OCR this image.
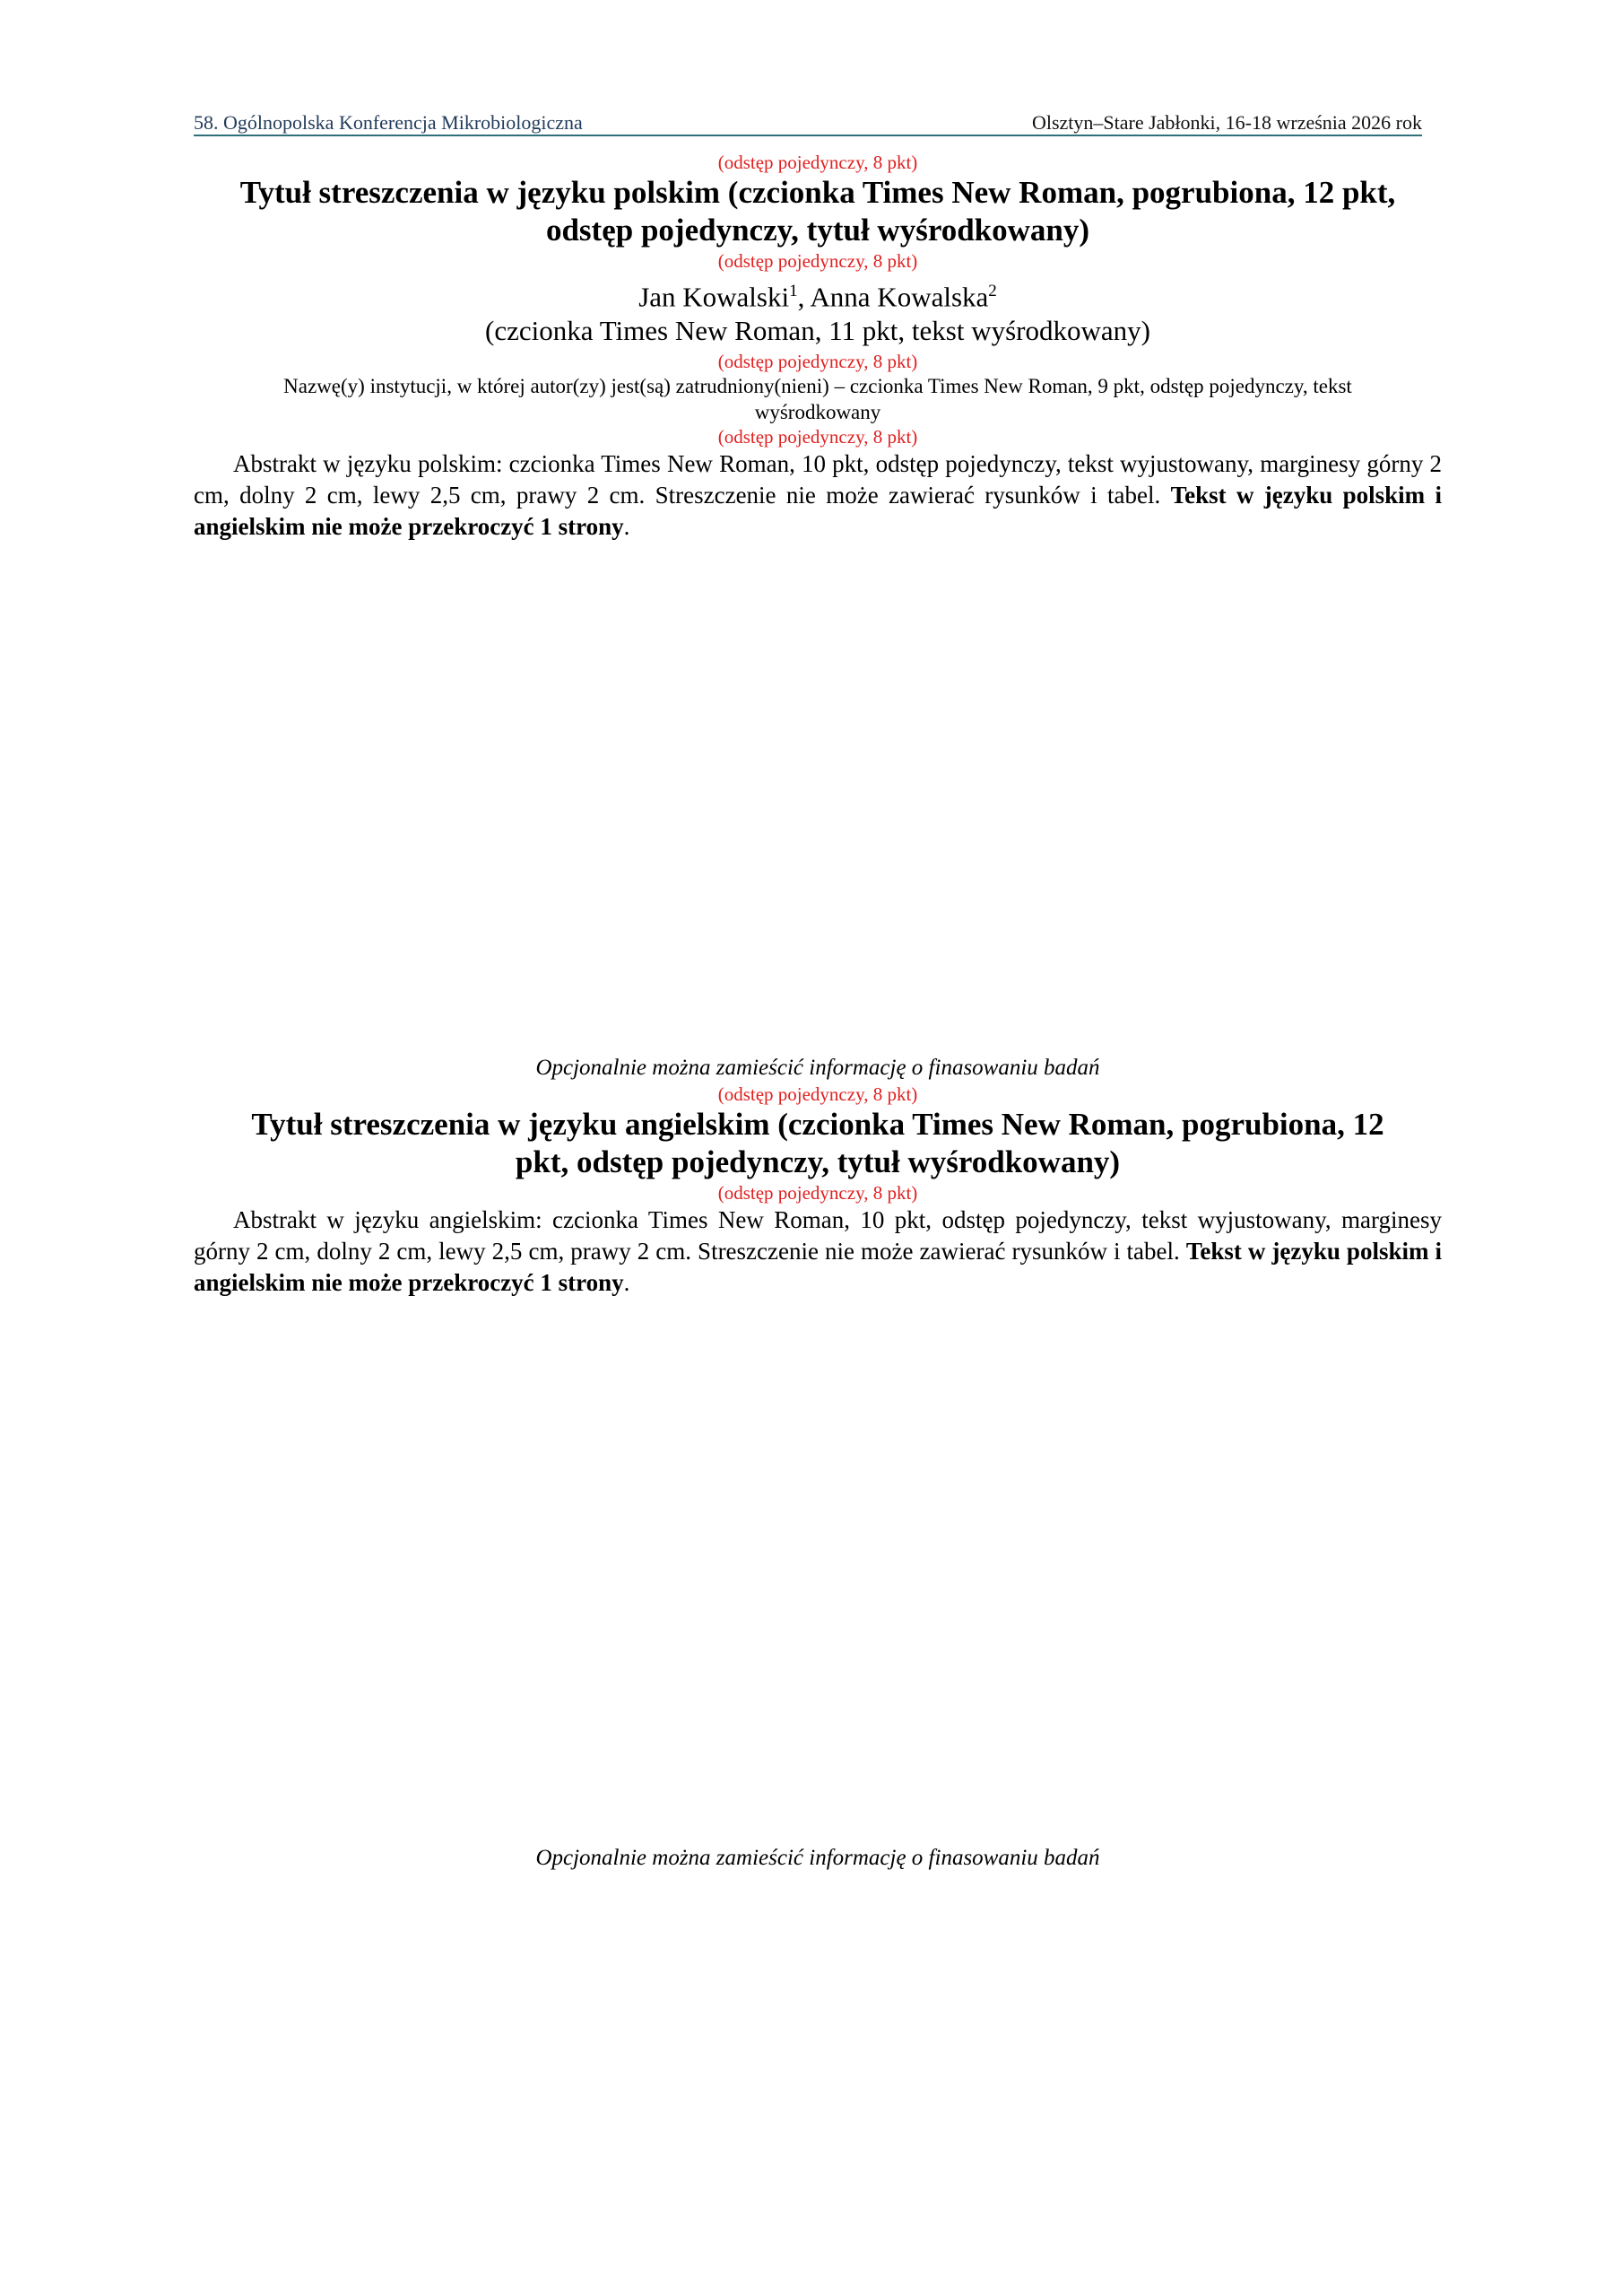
58. Ogólnopolska Konferencja Mikrobiologiczna	Olsztyn–Stare Jabłonki, 16-18 września 2026 rok
(odstęp pojedynczy, 8 pkt)
Tytuł streszczenia w języku polskim (czcionka Times New Roman, pogrubiona, 12 pkt, odstęp pojedynczy, tytuł wyśrodkowany)
(odstęp pojedynczy, 8 pkt)
Jan Kowalski$^1$, Anna Kowalska$^2$
(czcionka Times New Roman, 11 pkt, tekst wyśrodkowany)
(odstęp pojedynczy, 8 pkt)
Nazwę(y) instytucji, w której autor(zy) jest(są) zatrudniony(nieni) – czcionka Times New Roman, 9 pkt, odstęp pojedynczy, tekst wyśrodkowany
(odstęp pojedynczy, 8 pkt)
Abstrakt w języku polskim: czcionka Times New Roman, 10 pkt, odstęp pojedynczy, tekst wyjustowany, marginesy górny 2 cm, dolny 2 cm, lewy 2,5 cm, prawy 2 cm. Streszczenie nie może zawierać rysunków i tabel. Tekst w języku polskim i angielskim nie może przekroczyć 1 strony.
Opcjonalnie można zamieścić informację o finasowaniu badań
(odstęp pojedynczy, 8 pkt)
Tytuł streszczenia w języku angielskim (czcionka Times New Roman, pogrubiona, 12 pkt, odstęp pojedynczy, tytuł wyśrodkowany)
(odstęp pojedynczy, 8 pkt)
Abstrakt w języku angielskim: czcionka Times New Roman, 10 pkt, odstęp pojedynczy, tekst wyjustowany, marginesy górny 2 cm, dolny 2 cm, lewy 2,5 cm, prawy 2 cm. Streszczenie nie może zawierać rysunków i tabel. Tekst w języku polskim i angielskim nie może przekroczyć 1 strony.
Opcjonalnie można zamieścić informację o finasowaniu badań
